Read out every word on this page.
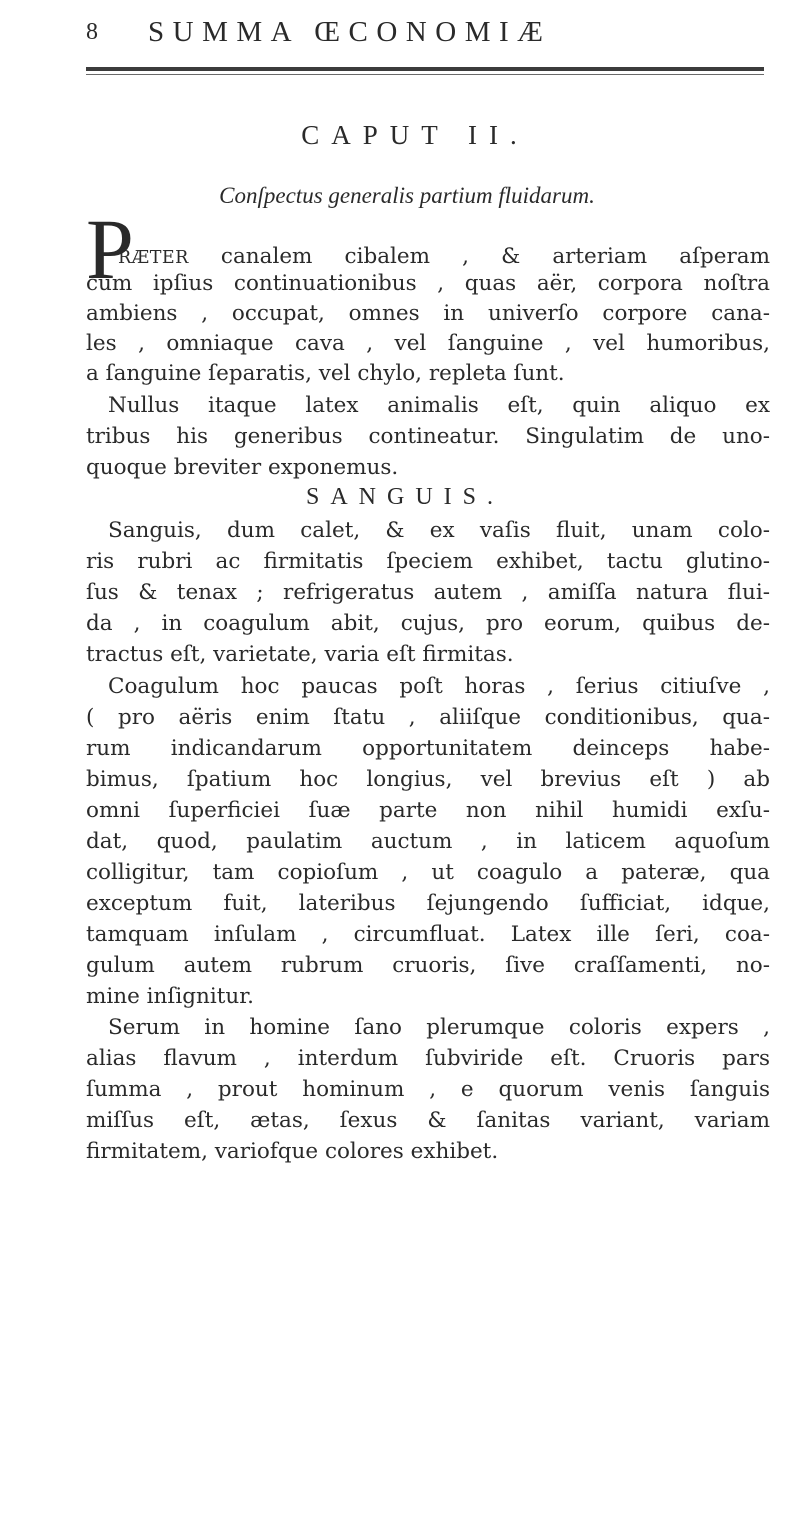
8	SUMMA ŒCONOMIÆ
CAPUT II.
Conſpectus generalis partium fluidarum.
P
RÆTER canalem cibalem , & arteriam aſperam
cum ipſius continuationibus , quas aër, corpora noſtra
ambiens , occupat, omnes in univerſo corpore cana-
les , omniaque cava , vel ſanguine , vel humoribus,
a ſanguine ſeparatis, vel chylo, repleta ſunt.
Nullus itaque latex animalis eſt, quin aliquo ex
tribus his generibus contineatur. Singulatim de uno-
quoque breviter exponemus.
SANGUIS.
Sanguis, dum calet, & ex vaſis fluit, unam colo-
ris rubri ac firmitatis ſpeciem exhibet, tactu glutino-
ſus & tenax ; refrigeratus autem , amiſſa natura flui-
da , in coagulum abit, cujus, pro eorum, quibus de-
tractus eſt, varietate, varia eſt firmitas.
Coagulum hoc paucas poſt horas , ſerius citiuſve ,
( pro aëris enim ſtatu , aliiſque conditionibus, qua-
rum indicandarum opportunitatem deinceps habe-
bimus, ſpatium hoc longius, vel brevius eſt ) ab
omni ſuperficiei ſuæ parte non nihil humidi exſu-
dat, quod, paulatim auctum , in laticem aquoſum
colligitur, tam copioſum , ut coagulo a pateræ, qua
exceptum fuit, lateribus ſejungendo ſufficiat, idque,
tamquam inſulam , circumfluat. Latex ille ſeri, coa-
gulum autem rubrum cruoris, ſive craſſamenti, no-
mine inſignitur.
Serum in homine ſano plerumque coloris expers ,
alias flavum , interdum ſubviride eſt. Cruoris pars
ſumma , prout hominum , e quorum venis ſanguis
miſſus eſt, ætas, ſexus & ſanitas variant, variam
firmitatem, variofque colores exhibet.
